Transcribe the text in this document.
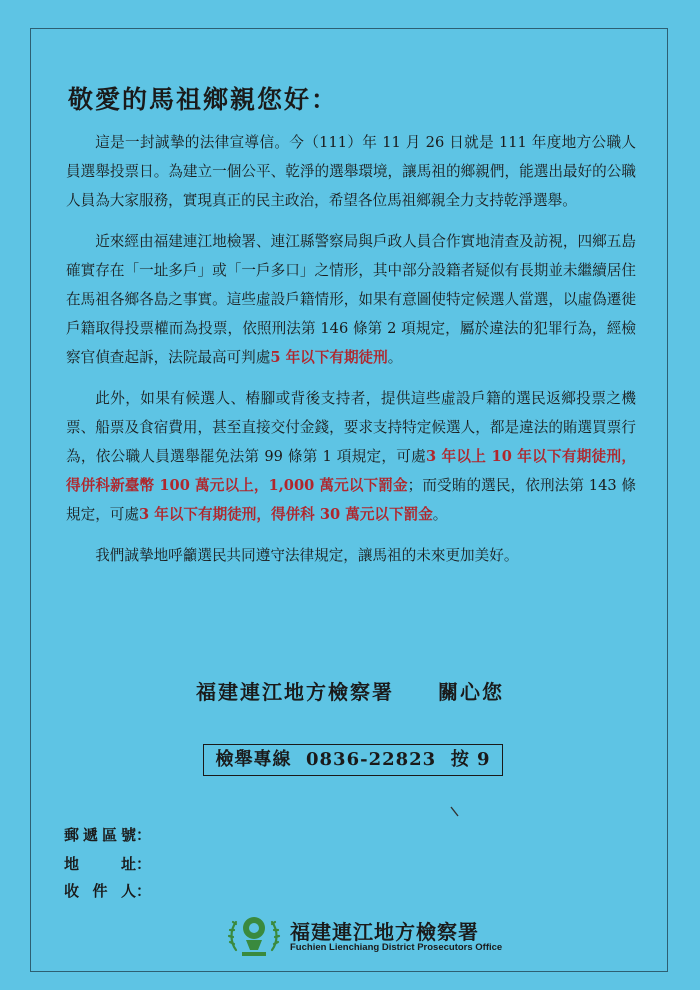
敬愛的馬祖鄉親您好：

這是一封誠摯的法律宣導信。今（111）年 11 月 26 日就是 111 年度地方公職人員選舉投票日。為建立一個公平、乾淨的選舉環境，讓馬祖的鄉親們，能選出最好的公職人員為大家服務，實現真正的民主政治，希望各位馬祖鄉親全力支持乾淨選舉。

近來經由福建連江地檢署、連江縣警察局與戶政人員合作實地清查及訪視，四鄉五島確實存在「一址多戶」或「一戶多口」之情形，其中部分設籍者疑似有長期並未繼續居住在馬祖各鄉各島之事實。這些虛設戶籍情形，如果有意圖使特定候選人當選，以虛偽遷徙戶籍取得投票權而為投票，依照刑法第 146 條第 2 項規定，屬於違法的犯罪行為，經檢察官偵查起訴，法院最高可判處5 年以下有期徒刑。

此外，如果有候選人、樁腳或背後支持者，提供這些虛設戶籍的選民返鄉投票之機票、船票及食宿費用，甚至直接交付金錢，要求支持特定候選人，都是違法的賄選買票行為，依公職人員選舉罷免法第 99 條第 1 項規定，可處3 年以上 10 年以下有期徒刑，得併科新臺幣 100 萬元以上，1,000 萬元以下罰金；而受賄的選民，依刑法第 143 條規定，可處3 年以下有期徒刑，得併科 30 萬元以下罰金。

我們誠摯地呼籲選民共同遵守法律規定，讓馬祖的未來更加美好。

福建連江地方檢察署 關心您
檢舉專線  0836-22823  按 9
郵遞區號：
地址：
收件人：
福建連江地方檢察署
Fuchien Lienchiang District Prosecutors Office
